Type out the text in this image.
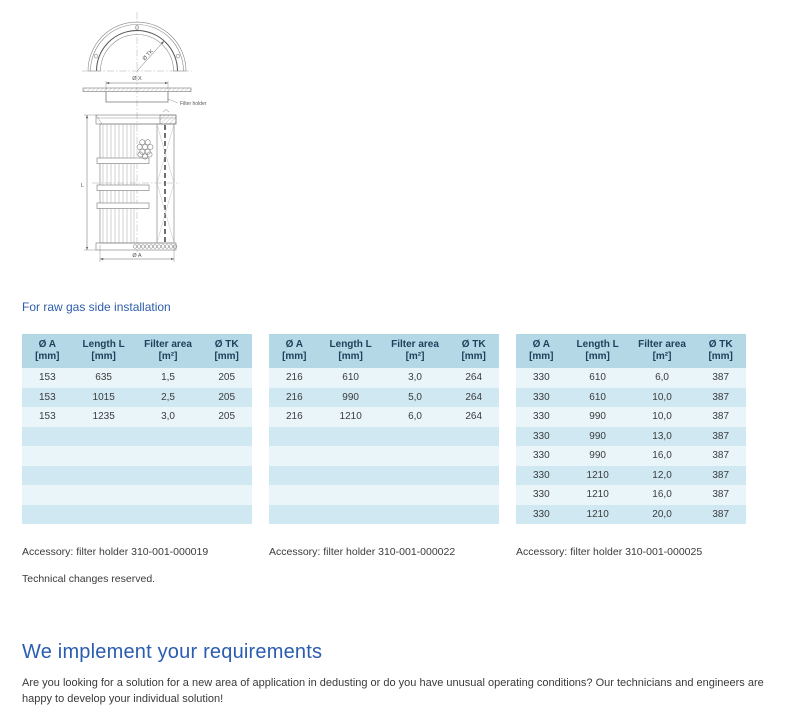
Ø TK
Ø X
Filter holder
L
Ø A
For raw gas side installation
Ø A
[mm]
Length L
[mm]
Filter area
[m²]
Ø TK
[mm]
153	635	1,5	205
153	1015	2,5	205
153	1235	3,0	205
Accessory: filter holder 310-001-000019
Ø A
[mm]
Length L
[mm]
Filter area
[m²]
Ø TK
[mm]
216	610	3,0	264
216	990	5,0	264
216	1210	6,0	264
Accessory: filter holder 310-001-000022
Ø A
[mm]
Length L
[mm]
Filter area
[m²]
Ø TK
[mm]
330	610	6,0	387
330	610	10,0	387
330	990	10,0	387
330	990	13,0	387
330	990	16,0	387
330	1210	12,0	387
330	1210	16,0	387
330	1210	20,0	387
Accessory: filter holder 310-001-000025
Technical changes reserved.
We implement your requirements

Are you looking for a solution for a new area of application in dedusting or do you have unusual operating conditions? Our technicians and engineers are happy to develop your individual solution!
